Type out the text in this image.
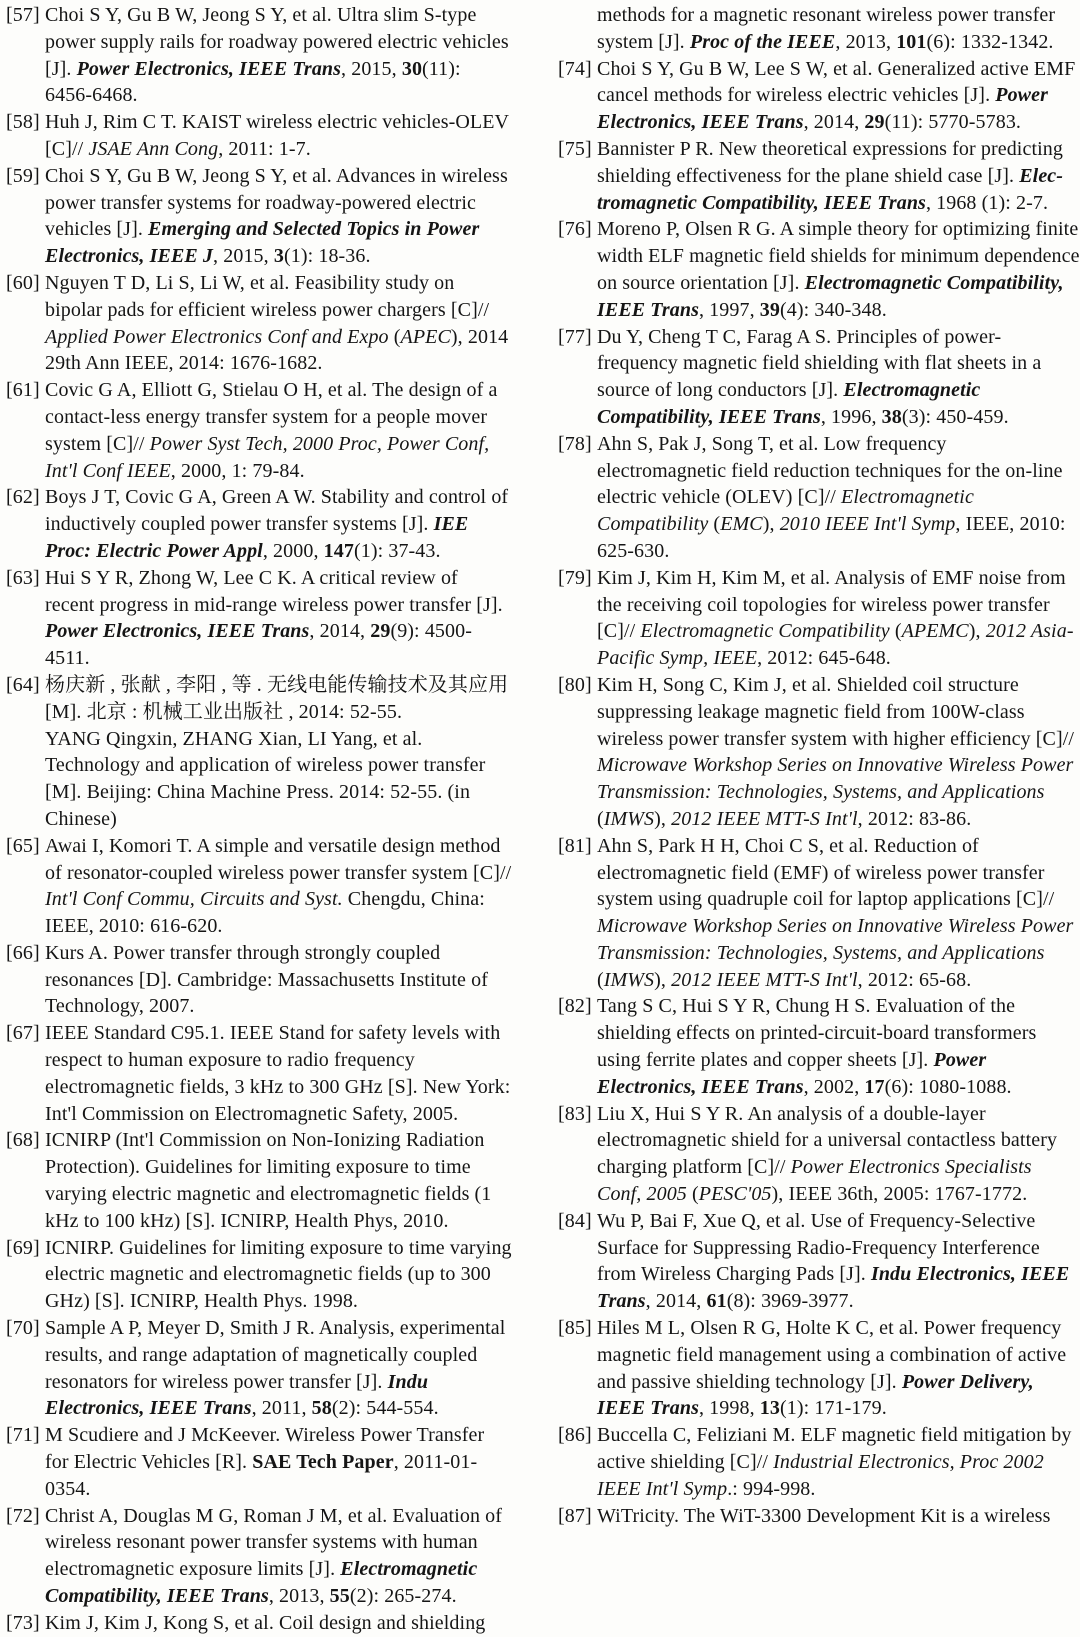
[57] Choi S Y, Gu B W, Jeong S Y, et al. Ultra slim S-type power supply rails for roadway powered electric vehicles [J]. Power Electronics, IEEE Trans, 2015, 30(11): 6456-6468.
[58] Huh J, Rim C T. KAIST wireless electric vehicles-OLEV [C]// JSAE Ann Cong, 2011: 1-7.
[59] Choi S Y, Gu B W, Jeong S Y, et al. Advances in wireless power transfer systems for roadway-powered electric vehicles [J]. Emerging and Selected Topics in Power Electronics, IEEE J, 2015, 3(1): 18-36.
[60] Nguyen T D, Li S, Li W, et al. Feasibility study on bipolar pads for efficient wireless power chargers [C]// Applied Power Electronics Conf and Expo (APEC), 2014 29th Ann IEEE, 2014: 1676-1682.
[61] Covic G A, Elliott G, Stielau O H, et al. The design of a contact-less energy transfer system for a people mover system [C]// Power Syst Tech, 2000 Proc, Power Conf, Int'l Conf IEEE, 2000, 1: 79-84.
[62] Boys J T, Covic G A, Green A W. Stability and control of inductively coupled power transfer systems [J]. IEE Proc: Electric Power Appl, 2000, 147(1): 37-43.
[63] Hui S Y R, Zhong W, Lee C K. A critical review of recent progress in mid-range wireless power transfer [J]. Power Electronics, IEEE Trans, 2014, 29(9): 4500-4511.
[64] 杨庆新 , 张献 , 李阳 , 等 . 无线电能传输技术及其应用 [M]. 北京 : 机械工业出版社 , 2014: 52-55.
YANG Qingxin, ZHANG Xian, LI Yang, et al. Technology and application of wireless power transfer [M]. Beijing: China Machine Press. 2014: 52-55. (in Chinese)
[65] Awai I, Komori T. A simple and versatile design method of resonator-coupled wireless power transfer system [C]// Int'l Conf Commu, Circuits and Syst. Chengdu, China: IEEE, 2010: 616-620.
[66] Kurs A. Power transfer through strongly coupled resonances [D]. Cambridge: Massachusetts Institute of Technology, 2007.
[67] IEEE Standard C95.1. IEEE Stand for safety levels with respect to human exposure to radio frequency electromagnetic fields, 3 kHz to 300 GHz [S]. New York: Int'l Commission on Electromagnetic Safety, 2005.
[68] ICNIRP (Int'l Commission on Non-Ionizing Radiation Protection). Guidelines for limiting exposure to time varying electric magnetic and electromagnetic fields (1 kHz to 100 kHz) [S]. ICNIRP, Health Phys, 2010.
[69] ICNIRP. Guidelines for limiting exposure to time varying electric magnetic and electromagnetic fields (up to 300 GHz) [S]. ICNIRP, Health Phys. 1998.
[70] Sample A P, Meyer D, Smith J R. Analysis, experimental results, and range adaptation of magnetically coupled resonators for wireless power transfer [J]. Indu Electronics, IEEE Trans, 2011, 58(2): 544-554.
[71] M Scudiere and J McKeever. Wireless Power Transfer for Electric Vehicles [R]. SAE Tech Paper, 2011-01-0354.
[72] Christ A, Douglas M G, Roman J M, et al. Evaluation of wireless resonant power transfer systems with human electromagnetic exposure limits [J]. Electromagnetic Compatibility, IEEE Trans, 2013, 55(2): 265-274.
[73] Kim J, Kim J, Kong S, et al. Coil design and shielding
methods for a magnetic resonant wireless power transfer system [J]. Proc of the IEEE, 2013, 101(6): 1332-1342.
[74] Choi S Y, Gu B W, Lee S W, et al. Generalized active EMF cancel methods for wireless electric vehicles [J]. Power Electronics, IEEE Trans, 2014, 29(11): 5770-5783.
[75] Bannister P R. New theoretical expressions for predicting shielding effectiveness for the plane shield case [J]. Elec-tromagnetic Compatibility, IEEE Trans, 1968 (1): 2-7.
[76] Moreno P, Olsen R G. A simple theory for optimizing finite width ELF magnetic field shields for minimum dependence on source orientation [J]. Electromagnetic Compatibility, IEEE Trans, 1997, 39(4): 340-348.
[77] Du Y, Cheng T C, Farag A S. Principles of power-frequency magnetic field shielding with flat sheets in a source of long conductors [J]. Electromagnetic Compatibility, IEEE Trans, 1996, 38(3): 450-459.
[78] Ahn S, Pak J, Song T, et al. Low frequency electromagnetic field reduction techniques for the on-line electric vehicle (OLEV) [C]// Electromagnetic Compatibility (EMC), 2010 IEEE Int'l Symp, IEEE, 2010: 625-630.
[79] Kim J, Kim H, Kim M, et al. Analysis of EMF noise from the receiving coil topologies for wireless power transfer [C]// Electromagnetic Compatibility (APEMC), 2012 Asia-Pacific Symp, IEEE, 2012: 645-648.
[80] Kim H, Song C, Kim J, et al. Shielded coil structure suppressing leakage magnetic field from 100W-class wireless power transfer system with higher efficiency [C]// Microwave Workshop Series on Innovative Wireless Power Transmission: Technologies, Systems, and Applications (IMWS), 2012 IEEE MTT-S Int'l, 2012: 83-86.
[81] Ahn S, Park H H, Choi C S, et al. Reduction of electromagnetic field (EMF) of wireless power transfer system using quadruple coil for laptop applications [C]// Microwave Workshop Series on Innovative Wireless Power Transmission: Technologies, Systems, and Applications (IMWS), 2012 IEEE MTT-S Int'l, 2012: 65-68.
[82] Tang S C, Hui S Y R, Chung H S. Evaluation of the shielding effects on printed-circuit-board transformers using ferrite plates and copper sheets [J]. Power Electronics, IEEE Trans, 2002, 17(6): 1080-1088.
[83] Liu X, Hui S Y R. An analysis of a double-layer electromagnetic shield for a universal contactless battery charging platform [C]// Power Electronics Specialists Conf, 2005 (PESC'05), IEEE 36th, 2005: 1767-1772.
[84] Wu P, Bai F, Xue Q, et al. Use of Frequency-Selective Surface for Suppressing Radio-Frequency Interference from Wireless Charging Pads [J]. Indu Electronics, IEEE Trans, 2014, 61(8): 3969-3977.
[85] Hiles M L, Olsen R G, Holte K C, et al. Power frequency magnetic field management using a combination of active and passive shielding technology [J]. Power Delivery, IEEE Trans, 1998, 13(1): 171-179.
[86] Buccella C, Feliziani M. ELF magnetic field mitigation by active shielding [C]// Industrial Electronics, Proc 2002 IEEE Int'l Symp.: 994-998.
[87] WiTricity. The WiT-3300 Development Kit is a wireless
